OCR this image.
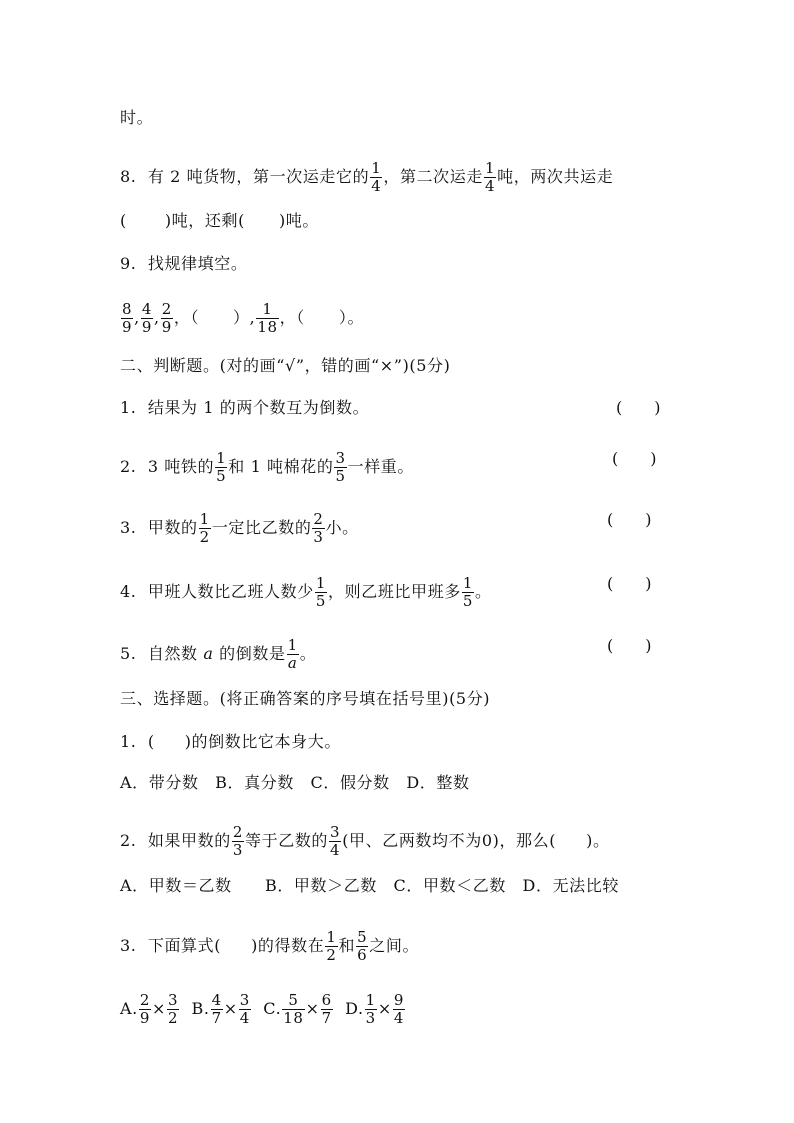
时。
8. 有 2 吨货物，第一次运走它的 $\frac{1}{4}$ ，第二次运走 $\frac{1}{4}$ 吨，两次共运走
( )吨，还剩( )吨。
9. 找规律填空。
$\frac{8}{9}$ , $\frac{4}{9}$ , $\frac{2}{9}$ ，（ ）, $\frac{1}{18}$ ，（ ）。
二、判断题。(对的画“√”，错的画“×”)(5分)
1. 结果为 1 的两个数互为倒数。	(　　)
2. 3 吨铁的 $\frac{1}{5}$ 和 1 吨棉花的 $\frac{3}{5}$ 一样重。	(　　)
3. 甲数的 $\frac{1}{2}$ 一定比乙数的 $\frac{2}{3}$ 小。	(　　)
4. 甲班人数比乙班人数少 $\frac{1}{5}$ ，则乙班比甲班多 $\frac{1}{5}$ 。	(　　)
5. 自然数 a 的倒数是 $\frac{1}{a}$ 。	(　　)
三、选择题。(将正确答案的序号填在括号里)(5分)
1. ( )的倒数比它本身大。
A．带分数　B．真分数　C．假分数　D．整数
2. 如果甲数的 $\frac{2}{3}$ 等于乙数的 $\frac{3}{4}$ (甲、乙两数均不为0)，那么( )。
A．甲数＝乙数　　B．甲数＞乙数　C．甲数＜乙数　D．无法比较
3. 下面算式( )的得数在 $\frac{1}{2}$ 和 $\frac{5}{6}$ 之间。
A. $\frac{2}{9} \times \frac{3}{2} B$. $\frac{4}{7} \times \frac{3}{4} C$. $\frac{5}{18} \times \frac{6}{7} D$. $\frac{1}{3} \times \frac{9}{4}$
